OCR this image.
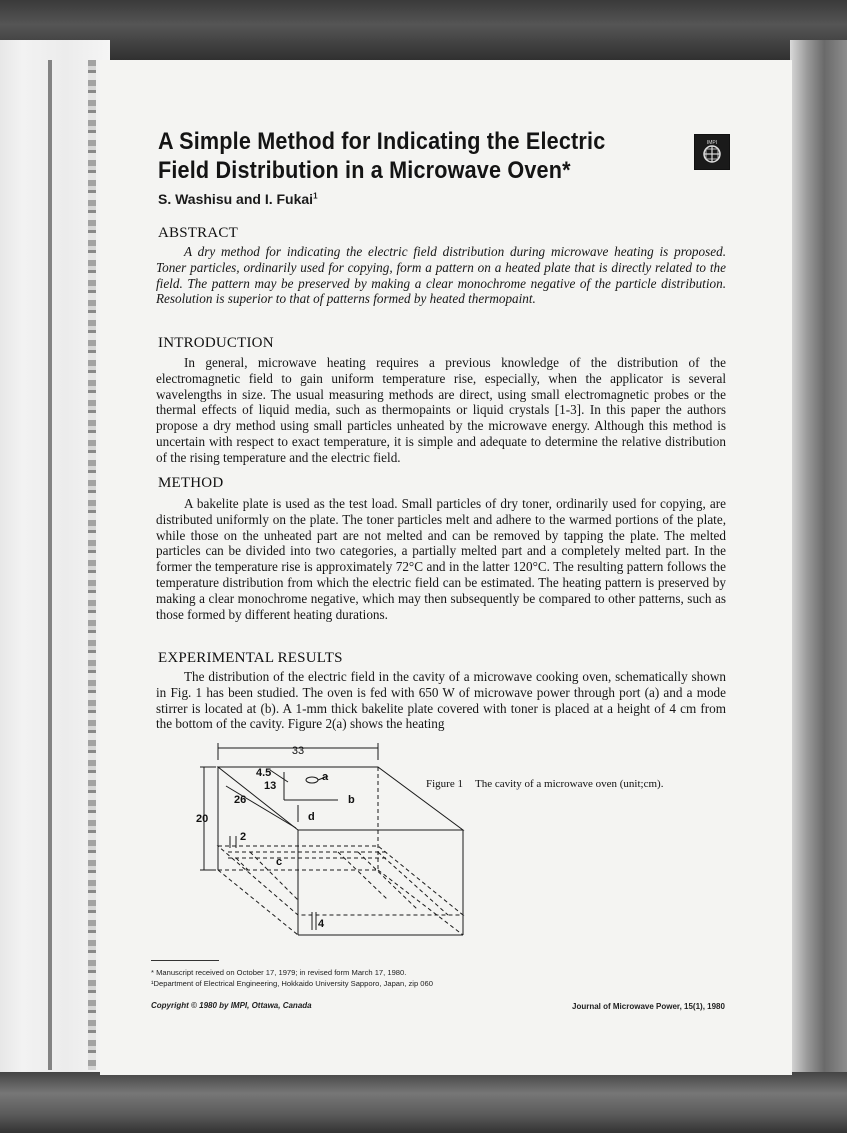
A Simple Method for Indicating the Electric Field Distribution in a Microwave Oven*
IMPI
S. Washisu and I. Fukai$^1$
ABSTRACT
A dry method for indicating the electric field distribution during microwave heating is proposed. Toner particles, ordinarily used for copying, form a pattern on a heated plate that is directly related to the field. The pattern may be preserved by making a clear monochrome negative of the particle distribution. Resolution is superior to that of patterns formed by heated thermopaint.
INTRODUCTION
In general, microwave heating requires a previous knowledge of the distribution of the electromagnetic field to gain uniform temperature rise, especially, when the applicator is several wavelengths in size. The usual measuring methods are direct, using small electromagnetic probes or the thermal effects of liquid media, such as thermopaints or liquid crystals [1-3]. In this paper the authors propose a dry method using small particles unheated by the microwave energy. Although this method is uncertain with respect to exact temperature, it is simple and adequate to determine the relative distribution of the rising temperature and the electric field.
METHOD
A bakelite plate is used as the test load. Small particles of dry toner, ordinarily used for copying, are distributed uniformly on the plate. The toner particles melt and adhere to the warmed portions of the plate, while those on the unheated part are not melted and can be removed by tapping the plate. The melted particles can be divided into two categories, a partially melted part and a completely melted part. In the former the temperature rise is approximately 72°C and in the latter 120°C. The resulting pattern follows the temperature distribution from which the electric field can be estimated. The heating pattern is preserved by making a clear monochrome negative, which may then subsequently be compared to other patterns, such as those formed by different heating durations.
EXPERIMENTAL RESULTS
The distribution of the electric field in the cavity of a microwave cooking oven, schematically shown in Fig. 1 has been studied. The oven is fed with 650 W of microwave power through port (a) and a mode stirrer is located at (b). A 1-mm thick bakelite plate covered with toner is placed at a height of 4 cm from the bottom of the cavity. Figure 2(a) shows the heating
33
4.5
13
a
b
26
20	d
2
c
4
Figure 1 The cavity of a microwave oven (unit;cm).
* Manuscript received on October 17, 1979; in revised form March 17, 1980.
¹Department of Electrical Engineering, Hokkaido University Sapporo, Japan, zip 060
Copyright © 1980 by IMPI, Ottawa, Canada	Journal of Microwave Power, 15(1), 1980
